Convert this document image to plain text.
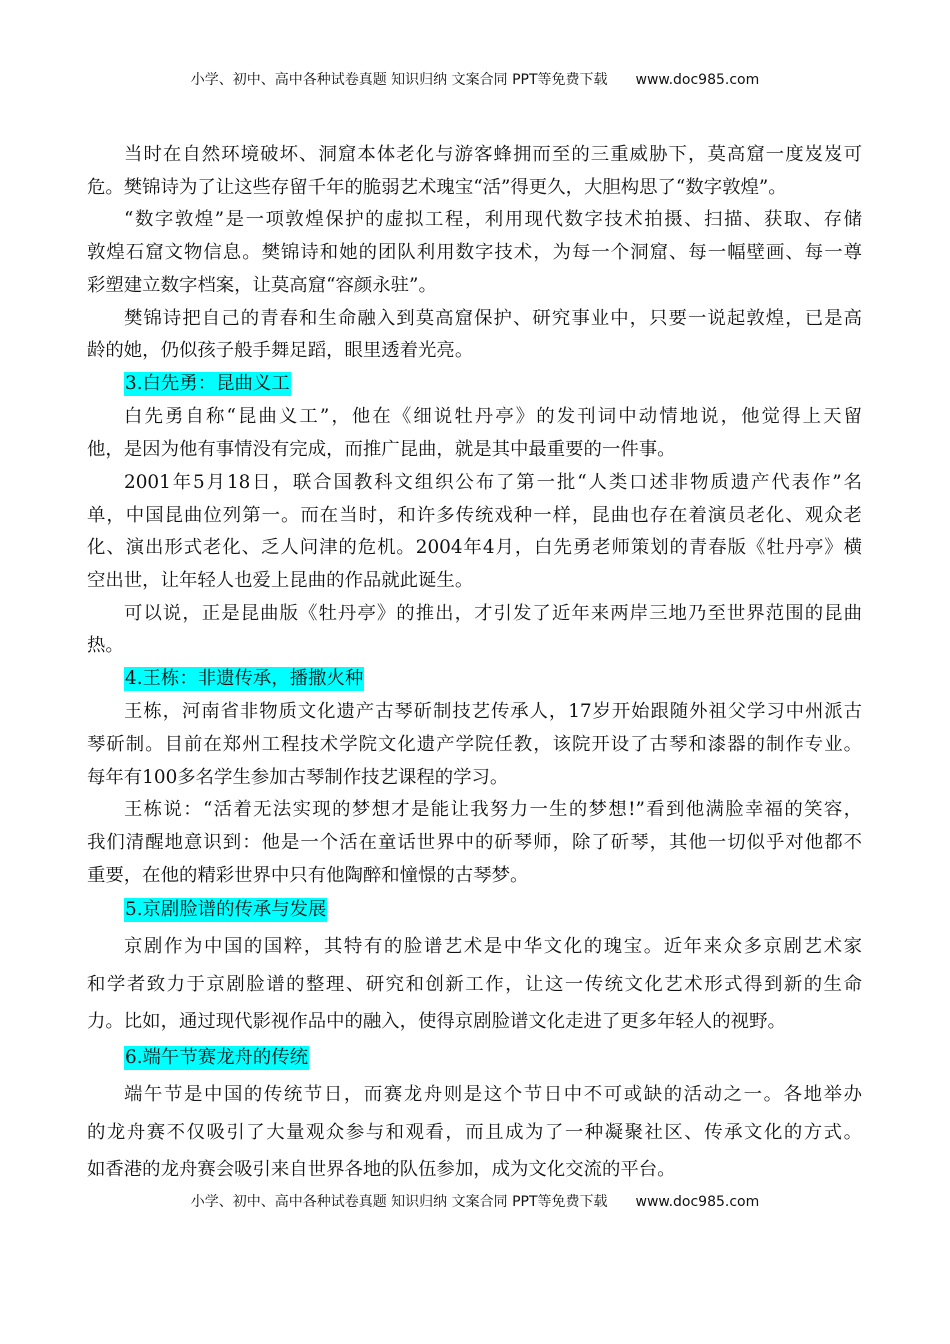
小学、初中、高中各种试卷真题 知识归纳 文案合同 PPT等免费下载 www.doc985.com
当时在自然环境破坏、洞窟本体老化与游客蜂拥而至的三重威胁下，莫高窟一度岌岌可
危。樊锦诗为了让这些存留千年的脆弱艺术瑰宝“活”得更久，大胆构思了“数字敦煌”。
“数字敦煌”是一项敦煌保护的虚拟工程，利用现代数字技术拍摄、扫描、获取、存储
敦煌石窟文物信息。樊锦诗和她的团队利用数字技术，为每一个洞窟、每一幅壁画、每一尊
彩塑建立数字档案，让莫高窟“容颜永驻”。
樊锦诗把自己的青春和生命融入到莫高窟保护、研究事业中，只要一说起敦煌，已是高
龄的她，仍似孩子般手舞足蹈，眼里透着光亮。
3.白先勇：昆曲义工
白先勇自称“昆曲义工”，他在《细说牡丹亭》的发刊词中动情地说，他觉得上天留
他，是因为他有事情没有完成，而推广昆曲，就是其中最重要的一件事。
2001年5月18日，联合国教科文组织公布了第一批“人类口述非物质遗产代表作”名
单，中国昆曲位列第一。而在当时，和许多传统戏种一样，昆曲也存在着演员老化、观众老
化、演出形式老化、乏人问津的危机。2004年4月，白先勇老师策划的青春版《牡丹亭》横
空出世，让年轻人也爱上昆曲的作品就此诞生。
可以说，正是昆曲版《牡丹亭》的推出，才引发了近年来两岸三地乃至世界范围的昆曲
热。
4.王栋：非遗传承，播撒火种
王栋，河南省非物质文化遗产古琴斫制技艺传承人，17岁开始跟随外祖父学习中州派古
琴斫制。目前在郑州工程技术学院文化遗产学院任教，该院开设了古琴和漆器的制作专业。
每年有100多名学生参加古琴制作技艺课程的学习。
王栋说：“活着无法实现的梦想才是能让我努力一生的梦想!”看到他满脸幸福的笑容，
我们清醒地意识到：他是一个活在童话世界中的斫琴师，除了斫琴，其他一切似乎对他都不
重要，在他的精彩世界中只有他陶醉和憧憬的古琴梦。
5.京剧脸谱的传承与发展
京剧作为中国的国粹，其特有的脸谱艺术是中华文化的瑰宝。近年来众多京剧艺术家
和学者致力于京剧脸谱的整理、研究和创新工作，让这一传统文化艺术形式得到新的生命
力。比如，通过现代影视作品中的融入，使得京剧脸谱文化走进了更多年轻人的视野。
6.端午节赛龙舟的传统
端午节是中国的传统节日，而赛龙舟则是这个节日中不可或缺的活动之一。各地举办
的龙舟赛不仅吸引了大量观众参与和观看，而且成为了一种凝聚社区、传承文化的方式。
如香港的龙舟赛会吸引来自世界各地的队伍参加，成为文化交流的平台。
小学、初中、高中各种试卷真题 知识归纳 文案合同 PPT等免费下载 www.doc985.com
